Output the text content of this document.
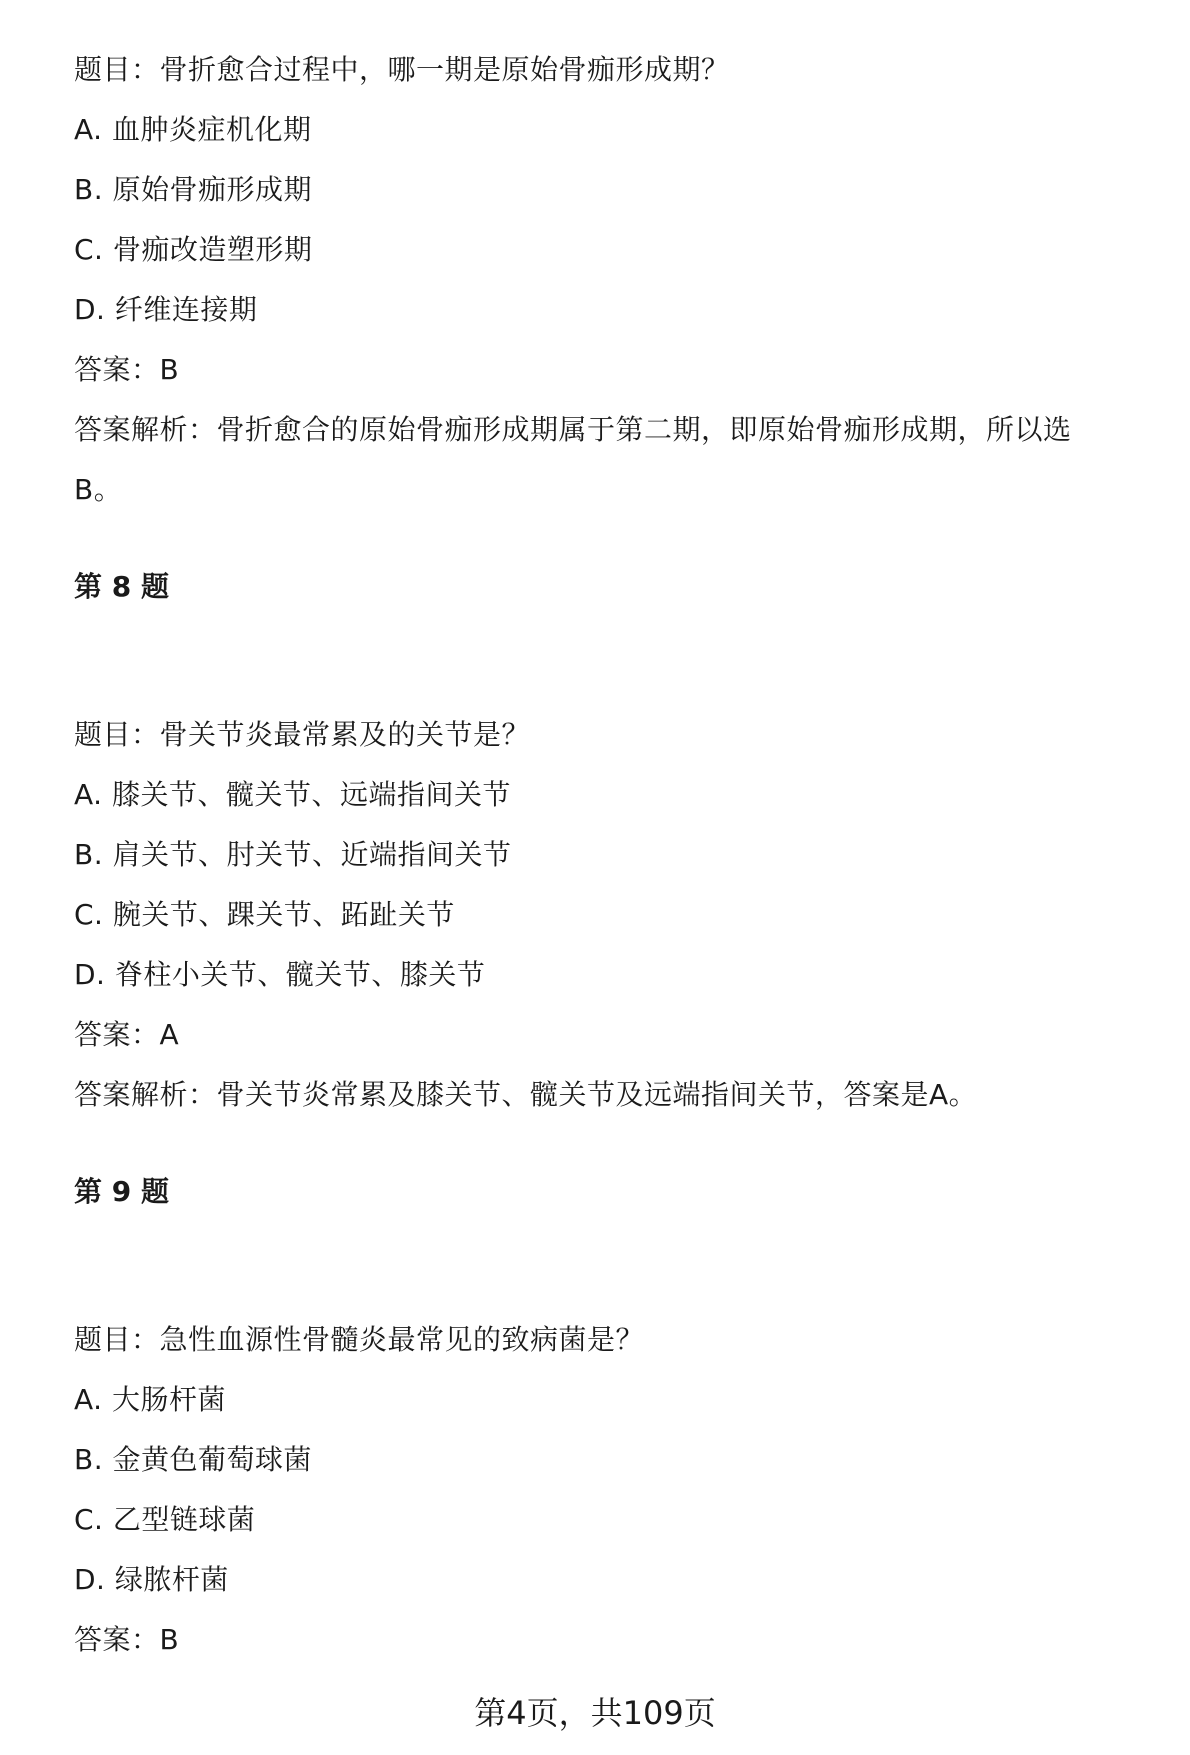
题目：骨折愈合过程中，哪一期是原始骨痂形成期？
A. 血肿炎症机化期
B. 原始骨痂形成期
C. 骨痂改造塑形期
D. 纤维连接期
答案：B
答案解析：骨折愈合的原始骨痂形成期属于第二期，即原始骨痂形成期，所以选
B。
第 8 题
题目：骨关节炎最常累及的关节是？
A. 膝关节、髋关节、远端指间关节
B. 肩关节、肘关节、近端指间关节
C. 腕关节、踝关节、跖趾关节
D. 脊柱小关节、髋关节、膝关节
答案：A
答案解析：骨关节炎常累及膝关节、髋关节及远端指间关节，答案是A。
第 9 题
题目：急性血源性骨髓炎最常见的致病菌是？
A. 大肠杆菌
B. 金黄色葡萄球菌
C. 乙型链球菌
D. 绿脓杆菌
答案：B
第4页，共109页
